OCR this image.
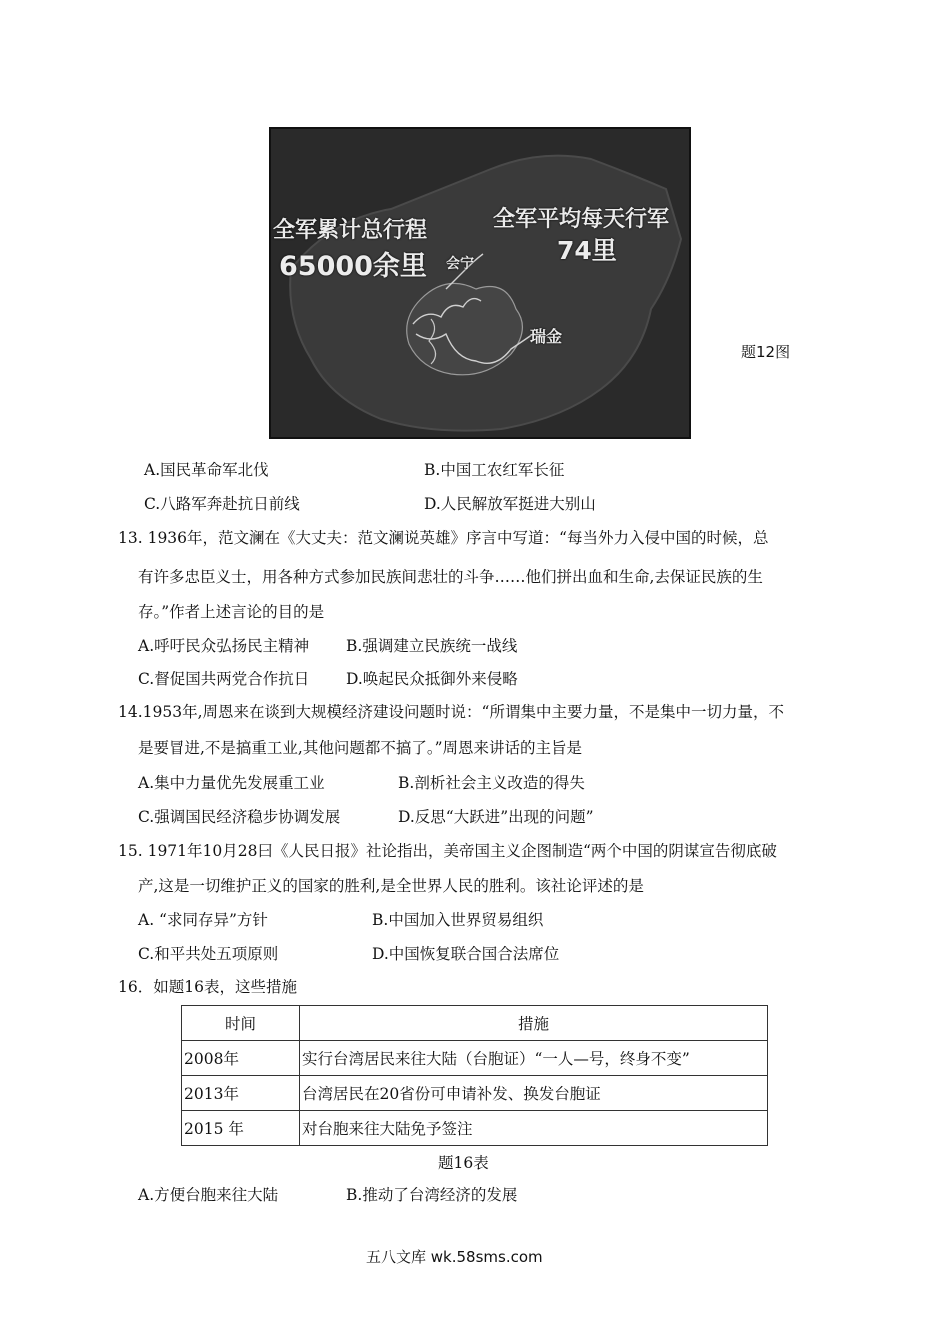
全军累计总行程
65000余里
全军平均每天行军
74里
会宁
瑞金
题12图
A.国民革命军北伐	B.中国工农红军长征
C.八路军奔赴抗日前线	D.人民解放军挺进大别山
13. 1936年，范文澜在《大丈夫：范文澜说英雄》序言中写道：“每当外力入侵中国的时候，总
有许多忠臣义士，用各种方式参加民族间悲壮的斗争……他们拼出血和生命,去保证民族的生
存。”作者上述言论的目的是
A.呼吁民众弘扬民主精神 B.强调建立民族统一战线
C.督促国共两党合作抗日 D.唤起民众抵御外来侵略
14.1953年,周恩来在谈到大规模经济建设问题时说：“所谓集中主要力量，不是集中一切力量，不
是要冒进,不是搞重工业,其他问题都不搞了。”周恩来讲话的主旨是
A.集中力量优先发展重工业	B.剖析社会主义改造的得失
C.强调国民经济稳步协调发展	D.反思“大跃进”出现的问题”
15. 1971年10月28曰《人民日报》社论指出，美帝国主义企图制造“两个中国的阴谋宣告彻底破
产,这是一切维护正义的国家的胜利,是全世界人民的胜利。该社论评述的是
A. “求同存异”方针	B.中国加入世界贸易组织
C.和平共处五项原则	D.中国恢复联合国合法席位
16．如题16表，这些措施
时间	措施
2008年	实行台湾居民来往大陆（台胞证）“一人—号，终身不变”
2013年	台湾居民在20省份可申请补发、换发台胞证
2015 年	对台胞来往大陆免予签注
题16表
A.方便台胞来往大陆	B.推动了台湾经济的发展
五八文库 wk.58sms.com
